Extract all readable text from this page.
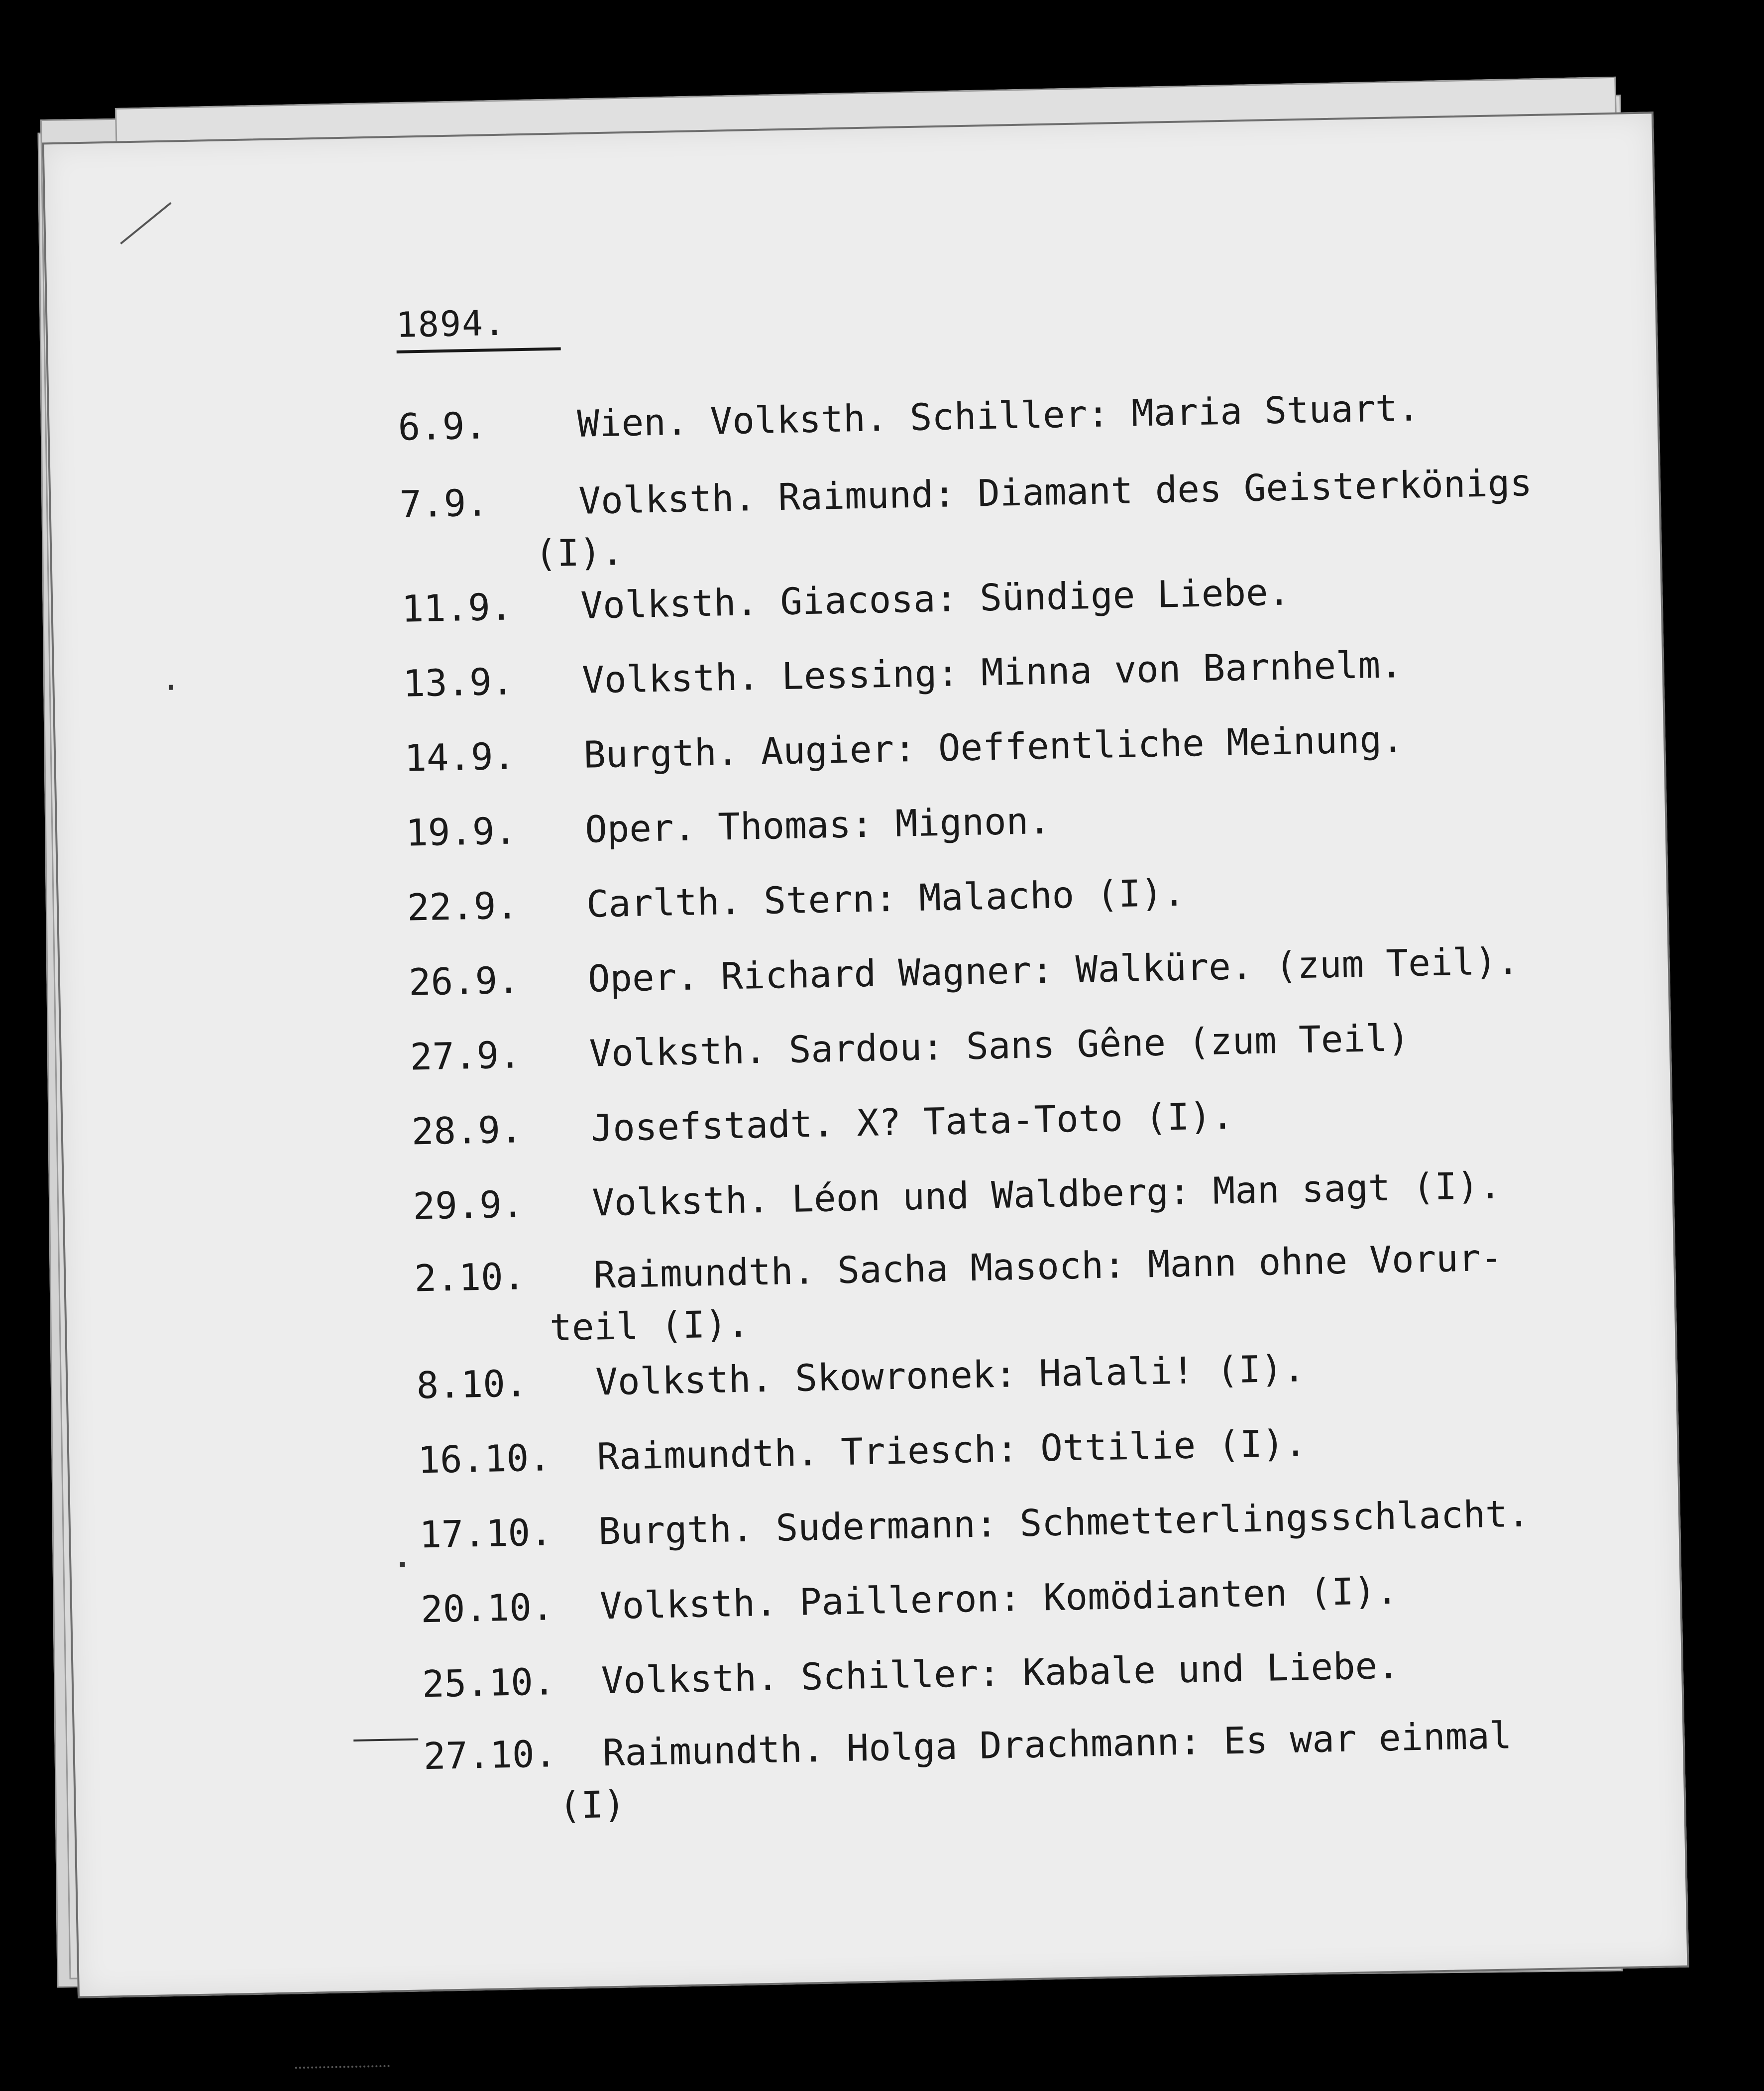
1894.
6.9. Wien. Volksth. Schiller: Maria Stuart.
7.9. Volksth. Raimund: Diamant des Geisterkönigs
(I).
11.9. Volksth. Giacosa: Sündige Liebe.
13.9. Volksth. Lessing: Minna von Barnhelm.
14.9. Burgth. Augier: Oeffentliche Meinung.
19.9. Oper. Thomas: Mignon.
22.9. Carlth. Stern: Malacho (I).
26.9. Oper. Richard Wagner: Walküre. (zum Teil).
27.9. Volksth. Sardou: Sans Gêne (zum Teil)
28.9. Josefstadt. X? Tata-Toto (I).
29.9. Volksth. Léon und Waldberg: Man sagt (I).
2.10. Raimundth. Sacha Masoch: Mann ohne Vorur-
teil (I).
8.10. Volksth. Skowronek: Halali! (I).
16.10. Raimundth. Triesch: Ottilie (I).
17.10. Burgth. Sudermann: Schmetterlingsschlacht.
20.10. Volksth. Pailleron: Komödianten (I).
25.10. Volksth. Schiller: Kabale und Liebe.
27.10. Raimundth. Holga Drachmann: Es war einmal
(I)
